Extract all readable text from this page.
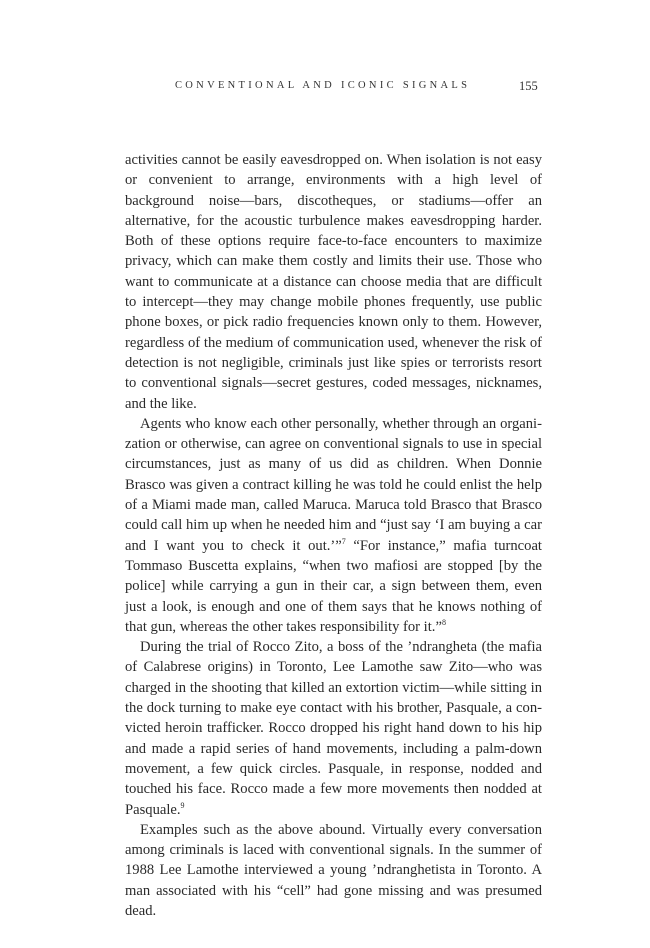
CONVENTIONAL AND ICONIC SIGNALS	155

activities cannot be easily eavesdropped on. When isolation is not easy or convenient to arrange, environments with a high level of background noise—bars, discotheques, or stadiums—offer an alternative, for the acoustic turbulence makes eavesdropping harder. Both of these options require face-to-face encounters to maximize privacy, which can make them costly and limits their use. Those who want to communicate at a distance can choose media that are difficult to intercept—they may change mobile phones frequently, use public phone boxes, or pick radio frequencies known only to them. However, regardless of the medium of communication used, whenever the risk of detection is not negligible, criminals just like spies or terrorists resort to conventional signals—secret gestures, coded messages, nicknames, and the like.

Agents who know each other personally, whether through an organization or otherwise, can agree on conventional signals to use in special circumstances, just as many of us did as children. When Donnie Brasco was given a contract killing he was told he could enlist the help of a Miami made man, called Maruca. Maruca told Brasco that Brasco could call him up when he needed him and “just say ‘I am buying a car and I want you to check it out.’”$^7$ “For instance,” mafia turncoat Tommaso Buscetta explains, “when two mafiosi are stopped [by the police] while carrying a gun in their car, a sign between them, even just a look, is enough and one of them says that he knows nothing of that gun, whereas the other takes responsibility for it.”$^8$

During the trial of Rocco Zito, a boss of the ’ndrangheta (the mafia of Calabrese origins) in Toronto, Lee Lamothe saw Zito—who was charged in the shooting that killed an extortion victim—while sitting in the dock turning to make eye contact with his brother, Pasquale, a convicted heroin trafficker. Rocco dropped his right hand down to his hip and made a rapid series of hand movements, including a palm-down movement, a few quick circles. Pasquale, in response, nodded and touched his face. Rocco made a few more movements then nodded at Pasquale.$^9$

Examples such as the above abound. Virtually every conversation among criminals is laced with conventional signals. In the summer of 1988 Lee Lamothe interviewed a young ’ndranghetista in Toronto. A man associated with his “cell” had gone missing and was presumed dead.
